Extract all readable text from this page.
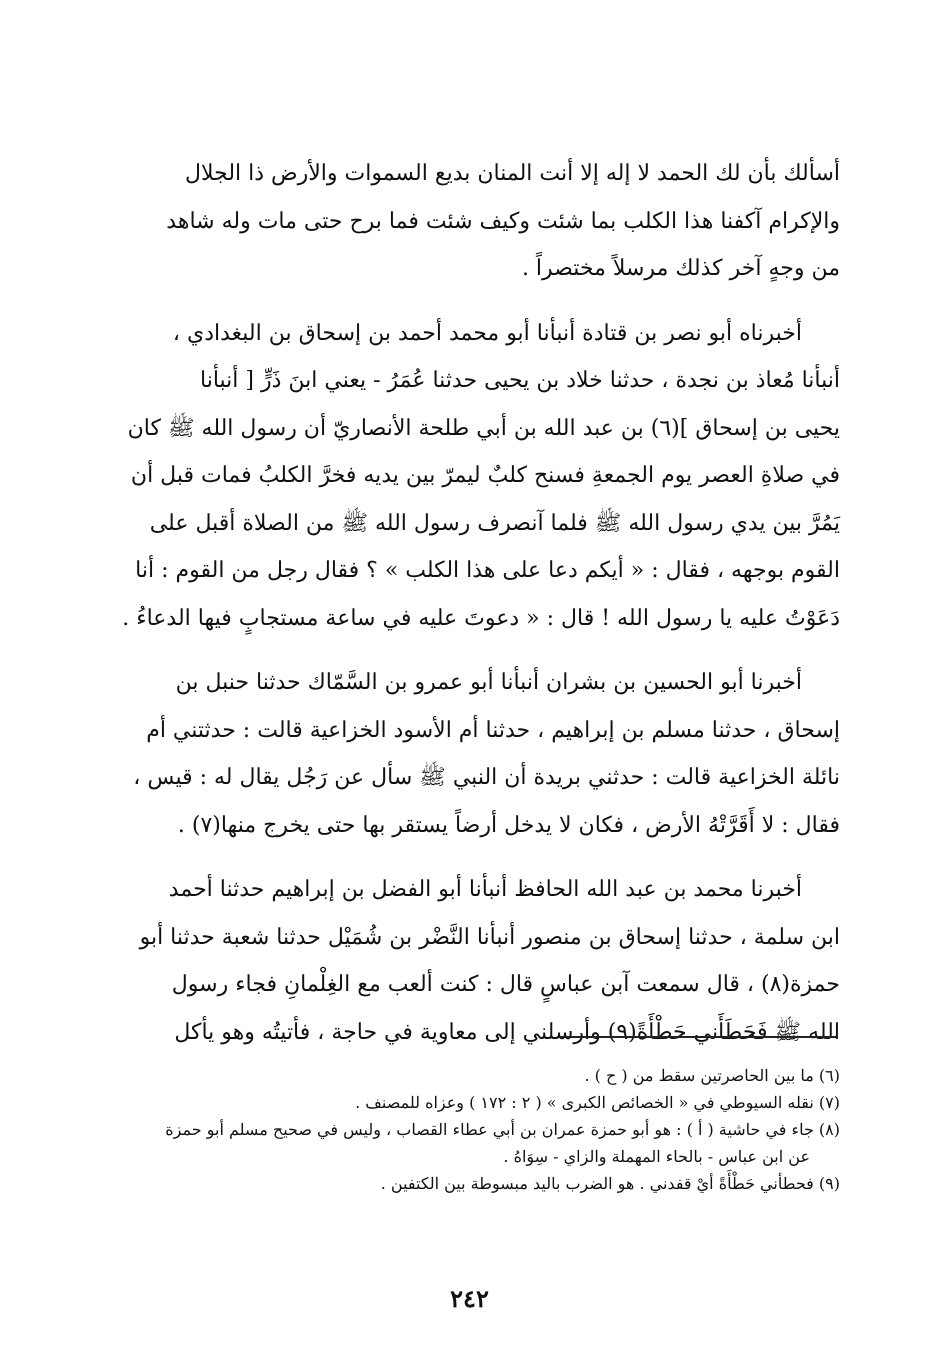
أسألك بأن لك الحمد لا إله إلا أنت المنان بديع السموات والأرض ذا الجلال
والإكرام آكفنا هذا الكلب بما شئت وكيف شئت فما برح حتى مات وله شاهد
من وجهٍ آخر كذلك مرسلاً مختصراً .

أخبرناه أبو نصر بن قتادة أنبأنا أبو محمد أحمد بن إسحاق بن البغدادي ،
أنبأنا مُعاذ بن نجدة ، حدثنا خلاد بن يحيى حدثنا عُمَرُ - يعني ابنَ ذَرٍّ [ أنبأنا
يحيى بن إسحاق ](٦) بن عبد الله بن أبي طلحة الأنصاريّ أن رسول الله ﷺ كان
في صلاةِ العصر يوم الجمعةِ فسنح كلبٌ ليمرّ بين يديه فخرَّ الكلبُ فمات قبل أن
يَمُرَّ بين يدي رسول الله ﷺ فلما آنصرف رسول الله ﷺ من الصلاة أقبل على
القوم بوجهه ، فقال : « أيكم دعا على هذا الكلب » ؟ فقال رجل من القوم : أنا
دَعَوْتُ عليه يا رسول الله ! قال : « دعوتَ عليه في ساعة مستجابٍ فيها الدعاءُ .

أخبرنا أبو الحسين بن بشران أنبأنا أبو عمرو بن السَّمّاك حدثنا حنبل بن
إسحاق ، حدثنا مسلم بن إبراهيم ، حدثنا أم الأسود الخزاعية قالت : حدثتني أم
نائلة الخزاعية قالت : حدثني بريدة أن النبي ﷺ سأل عن رَجُل يقال له : قيس ،
فقال : لا أَقَرَّتْهُ الأرض ، فكان لا يدخل أرضاً يستقر بها حتى يخرج منها(٧) .

أخبرنا محمد بن عبد الله الحافظ أنبأنا أبو الفضل بن إبراهيم حدثنا أحمد
ابن سلمة ، حدثنا إسحاق بن منصور أنبأنا النَّضْر بن شُمَيْل حدثنا شعبة حدثنا أبو
حمزة(٨) ، قال سمعت آبن عباسٍ قال : كنت ألعب مع الغِلْمانِ فجاء رسول
الله ﷺ فَحَطَأَني حَطْأَةً(٩) وأرسلني إلى معاوية في حاجة ، فأتيتُه وهو يأكل

(٦) ما بين الحاصرتين سقط من ( ح ) .

(٧) نقله السيوطي في « الخصائص الكبرى » ( ٢ : ١٧٢ ) وعزاه للمصنف .

(٨) جاء في حاشية ( أ ) : هو أبو حمزة عمران بن أبي عطاء القصاب ، وليس في صحيح مسلم أبو حمزة
عن ابن عباس - بالحاء المهملة والزاي - سِوَاهُ .

(٩) فحطأني حَطْأَةً أيْ قفدني . هو الضرب باليد مبسوطة بين الكتفين .

٢٤٢
